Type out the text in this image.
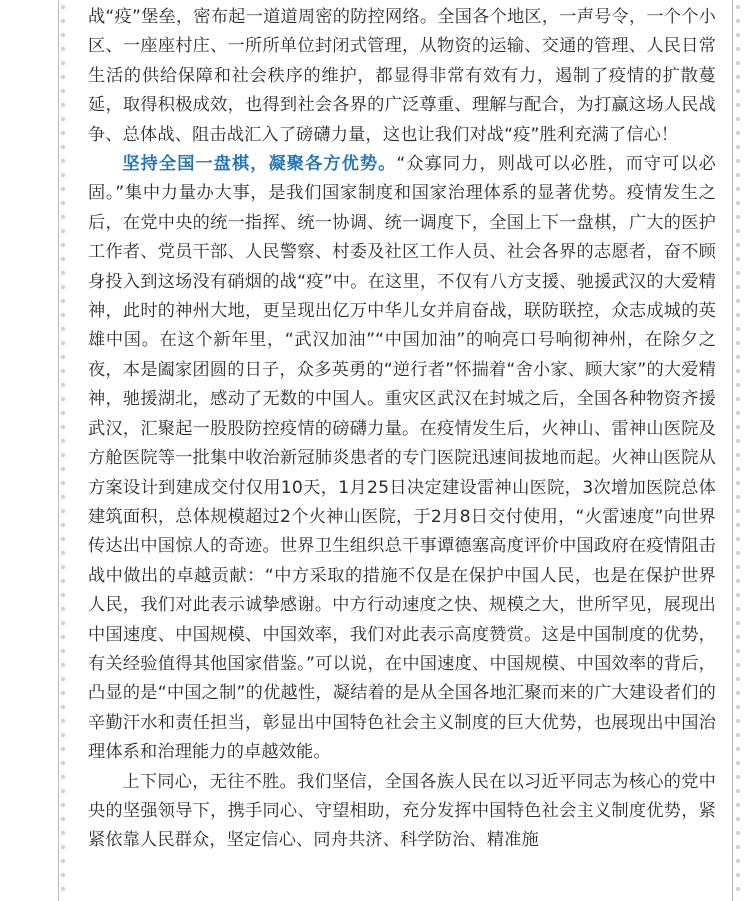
战“疫”堡垒，密布起一道道周密的防控网络。全国各个地区，一声号令，一个个小区、一座座村庄、一所所单位封闭式管理，从物资的运输、交通的管理、人民日常生活的供给保障和社会秩序的维护，都显得非常有效有力，遏制了疫情的扩散蔓延，取得积极成效，也得到社会各界的广泛尊重、理解与配合，为打赢这场人民战争、总体战、阻击战汇入了磅礴力量，这也让我们对战“疫”胜利充满了信心！

坚持全国一盘棋，凝聚各方优势。“众寡同力，则战可以必胜，而守可以必固。”集中力量办大事，是我们国家制度和国家治理体系的显著优势。疫情发生之后，在党中央的统一指挥、统一协调、统一调度下，全国上下一盘棋，广大的医护工作者、党员干部、人民警察、村委及社区工作人员、社会各界的志愿者，奋不顾身投入到这场没有硝烟的战“疫”中。在这里，不仅有八方支援、驰援武汉的大爱精神，此时的神州大地，更呈现出亿万中华儿女并肩奋战，联防联控，众志成城的英雄中国。在这个新年里，“武汉加油”“中国加油”的响亮口号响彻神州，在除夕之夜，本是阖家团圆的日子，众多英勇的“逆行者”怀揣着“舍小家、顾大家”的大爱精神，驰援湖北，感动了无数的中国人。重灾区武汉在封城之后，全国各种物资齐援武汉，汇聚起一股股防控疫情的磅礴力量。在疫情发生后，火神山、雷神山医院及方舱医院等一批集中收治新冠肺炎患者的专门医院迅速间拔地而起。火神山医院从方案设计到建成交付仅用10天，1月25日决定建设雷神山医院，3次增加医院总体建筑面积，总体规模超过2个火神山医院，于2月8日交付使用，“火雷速度”向世界传达出中国惊人的奇迹。世界卫生组织总干事谭德塞高度评价中国政府在疫情阻击战中做出的卓越贡献：“中方采取的措施不仅是在保护中国人民，也是在保护世界人民，我们对此表示诚挚感谢。中方行动速度之快、规模之大，世所罕见，展现出中国速度、中国规模、中国效率，我们对此表示高度赞赏。这是中国制度的优势，有关经验值得其他国家借鉴。”可以说，在中国速度、中国规模、中国效率的背后，凸显的是“中国之制”的优越性，凝结着的是从全国各地汇聚而来的广大建设者们的辛勤汗水和责任担当，彰显出中国特色社会主义制度的巨大优势，也展现出中国治理体系和治理能力的卓越效能。

上下同心，无往不胜。我们坚信，全国各族人民在以习近平同志为核心的党中央的坚强领导下，携手同心、守望相助，充分发挥中国特色社会主义制度优势，紧紧依靠人民群众，坚定信心、同舟共济、科学防治、精准施
